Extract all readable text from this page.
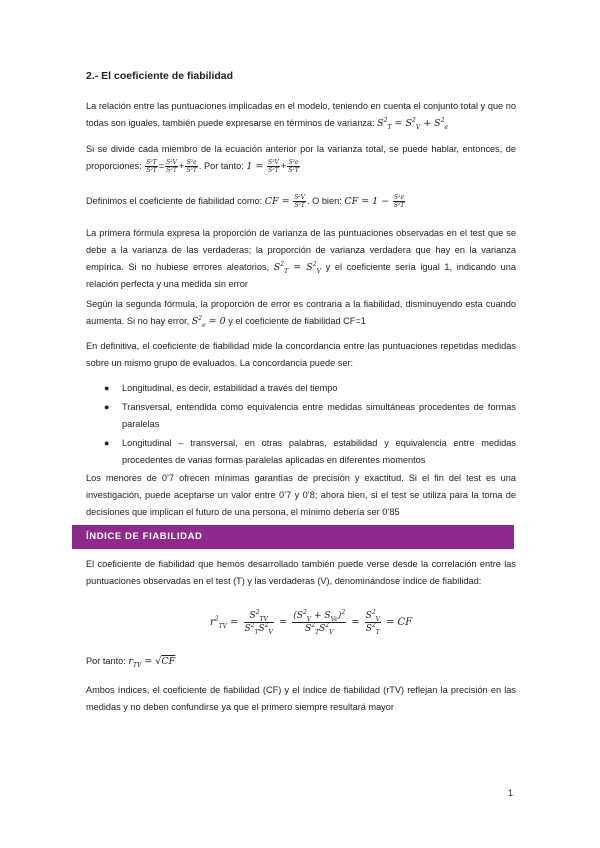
2.- El coeficiente de fiabilidad

La relación entre las puntuaciones implicadas en el modelo, teniendo en cuenta el conjunto total y que no todas son iguales, también puede expresarse en términos de varianza: $S^2_T = S^2_V + S^2_e$

Si se divide cada miembro de la ecuación anterior por la varianza total, se puede hablar, entonces, de proporciones: $\frac{\text{S²T}}{\text{S²T}} = \frac{\text{S²V}}{\text{S²T}} + \frac{\text{S²e}}{\text{S²T}}$ . Por tanto: $1 = \frac{\text{S²V}}{\text{S²T}} + \frac{\text{S²e}}{\text{S²T}}$

Definimos el coeficiente de fiabilidad como: CF = $\frac{\text{S²V}}{\text{S²T}}$ . O bien: CF = $1 - \frac{\text{S²e}}{\text{S²T}}$

La primera fórmula expresa la proporción de varianza de las puntuaciones observadas en el test que se debe a la varianza de las verdaderas; la proporción de varianza verdadera que hay en la varianza empírica. Si no hubiese errores aleatorios, $S^2_T = S^2_V$ y el coeficiente sería igual 1, indicando una relación perfecta y una medida sin error

Según la segunda fórmula, la proporción de error es contraria a la fiabilidad, disminuyendo esta cuando aumenta. Si no hay error, $S^2_e = 0$ y el coeficiente de fiabilidad CF=1

En definitiva, el coeficiente de fiabilidad mide la concordancia entre las puntuaciones repetidas medidas sobre un mismo grupo de evaluados. La concordancia puede ser:

● Longitudinal, es decir, estabilidad a través del tiempo
● Transversal, entendida como equivalencia entre medidas simultáneas procedentes de formas paralelas
● Longitudinal – transversal, en otras palabras, estabilidad y equivalencia entre medidas procedentes de varias formas paralelas aplicadas en diferentes momentos

Los menores de 0’7 ofrecen mínimas garantías de precisión y exactitud. Si el fin del test es una investigación, puede aceptarse un valor entre 0’7 y 0’8; ahora bien, si el test se utiliza para la toma de decisiones que implican el futuro de una persona, el mínimo debería ser 0’85

ÍNDICE DE FIABILIDAD

El coeficiente de fiabilidad que hemos desarrollado también puede verse desde la correlación entre las puntuaciones observadas en el test (T) y las verdaderas (V), denominándose índice de fiabilidad:

$r^2_{TV} = \frac{S^2_{TV}}{S^2_TS^2_V} = \frac{(S^2_V + S_{Ve})^2}{S^2_TS^2_V} = \frac{S^2_V}{S^2_T}$ = CF

Por tanto: $r_{TV} = √CF$

Ambos índices, el coeficiente de fiabilidad (CF) y el índice de fiabilidad (rTV) reflejan la precisión en las medidas y no deben confundirse ya que el primero siempre resultará mayor

1
